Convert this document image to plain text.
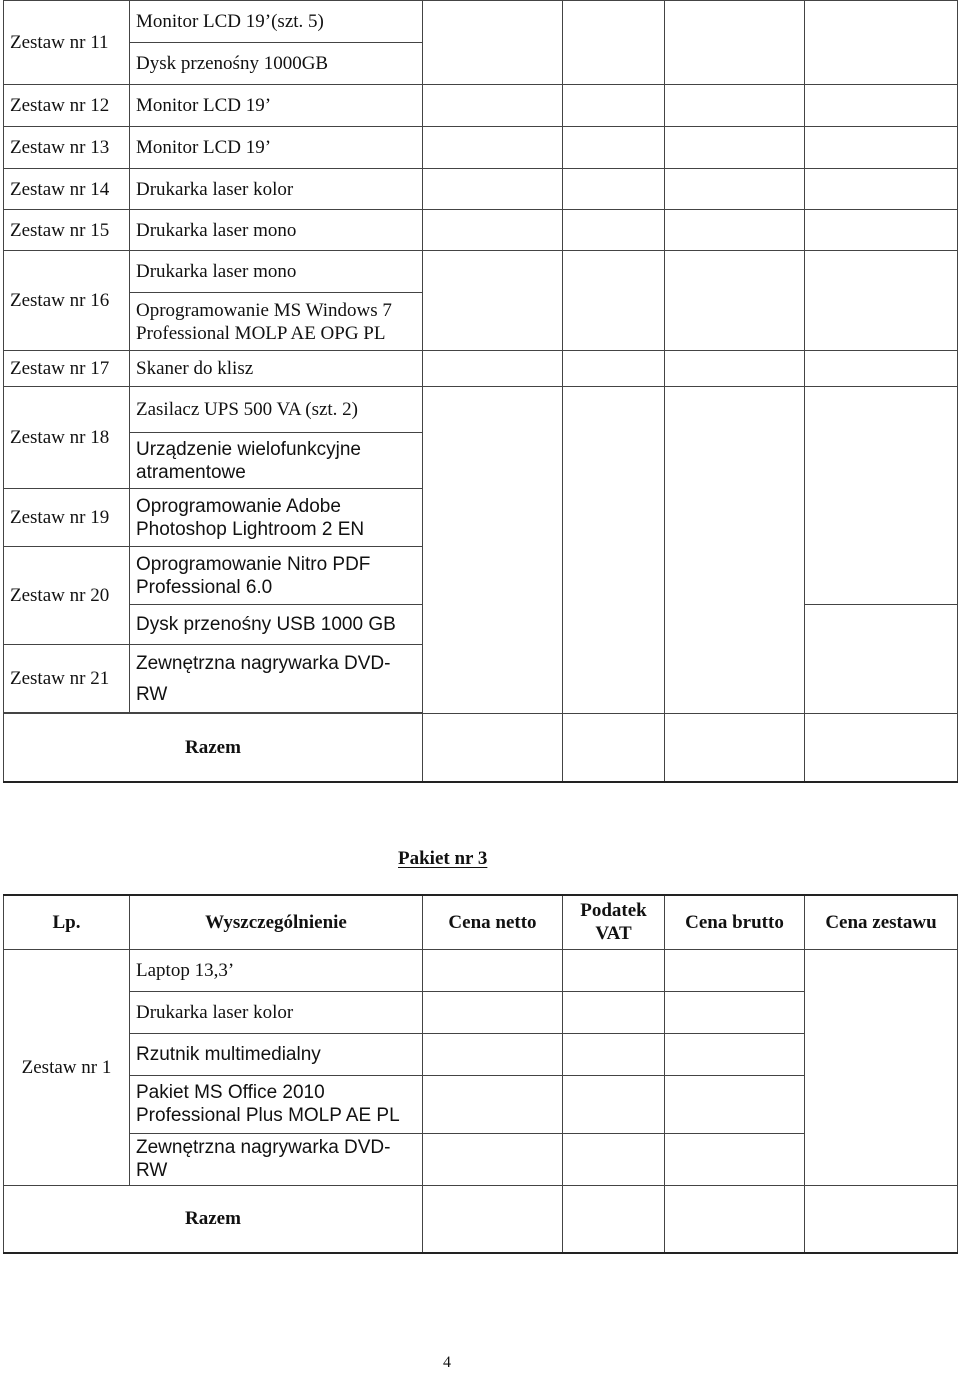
Zestaw nr 11	Monitor LCD 19’(szt. 5)				
	Dysk przenośny 1000GB				
Zestaw nr 12	Monitor LCD 19’				
Zestaw nr 13	Monitor LCD 19’				
Zestaw nr 14	Drukarka laser kolor				
Zestaw nr 15	Drukarka laser mono				
Zestaw nr 16	Drukarka laser mono				
	Oprogramowanie MS Windows 7 Professional MOLP AE OPG PL				
Zestaw nr 17	Skaner do klisz				
Zestaw nr 18	Zasilacz UPS 500 VA (szt. 2)				
	Urządzenie wielofunkcyjne atramentowe				
Zestaw nr 19	Oprogramowanie Adobe Photoshop Lightroom 2 EN				
Zestaw nr 20	Oprogramowanie Nitro PDF Professional 6.0				
	Dysk przenośny USB 1000 GB				
Zestaw nr 21	Zewnętrzna nagrywarka DVD-RW				

Razem					
Pakiet nr 3
Lp.	Wyszczególnienie	Cena netto	Podatek VAT	Cena brutto	Cena zestawu
Zestaw nr 1	Laptop 13,3’				
	Drukarka laser kolor				
	Rzutnik multimedialny				
	Pakiet MS Office 2010 Professional Plus MOLP AE PL				
	Zewnętrzna nagrywarka DVD-RW				
Razem					
4
